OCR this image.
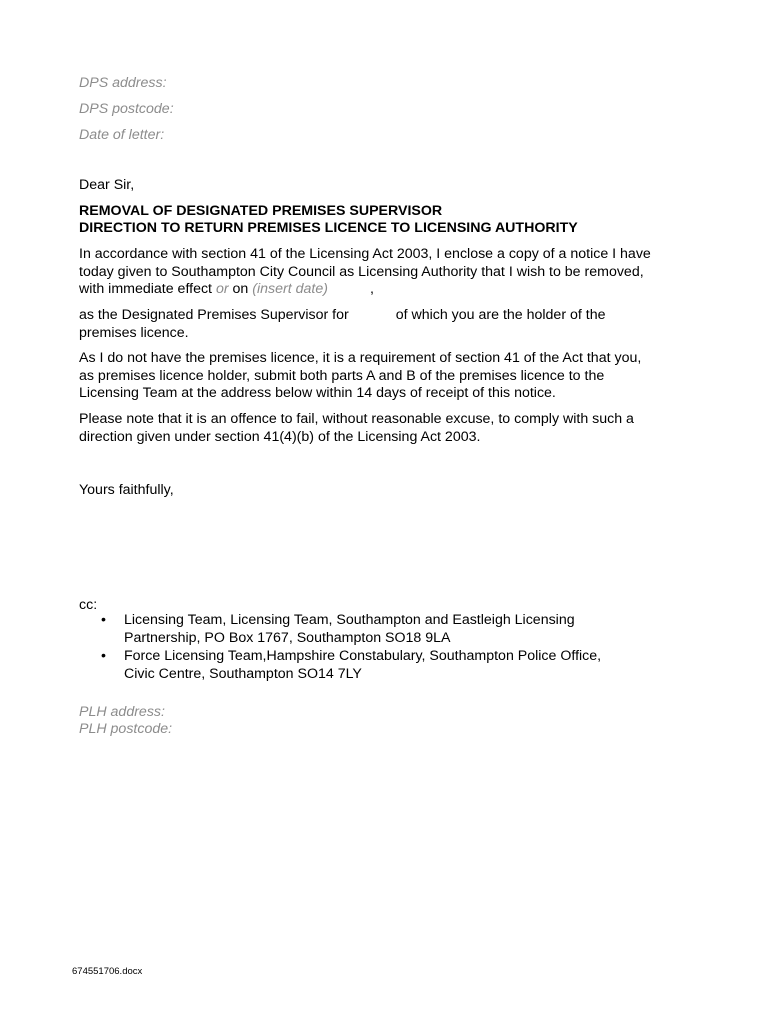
DPS address:
DPS postcode:
Date of letter:
Dear Sir,
REMOVAL OF DESIGNATED PREMISES SUPERVISOR
DIRECTION TO RETURN PREMISES LICENCE TO LICENSING AUTHORITY

In accordance with section 41 of the Licensing Act 2003, I enclose a copy of a notice I have

today given to Southampton City Council as Licensing Authority that I wish to be removed,

with immediate effect or on (insert date)	,

as the Designated Premises Supervisor for	of which you are the holder of the

premises licence.

As I do not have the premises licence, it is a requirement of section 41 of the Act that you,

as premises licence holder, submit both parts A and B of the premises licence to the

Licensing Team at the address below within 14 days of receipt of this notice.

Please note that it is an offence to fail, without reasonable excuse, to comply with such a

direction given under section 41(4)(b) of the Licensing Act 2003.

Yours faithfully,
cc:
• Licensing Team, Licensing Team, Southampton and Eastleigh Licensing
Partnership, PO Box 1767, Southampton SO18 9LA
• Force Licensing Team,Hampshire Constabulary, Southampton Police Office,
Civic Centre, Southampton SO14 7LY
PLH address:
PLH postcode:
674551706.docx
